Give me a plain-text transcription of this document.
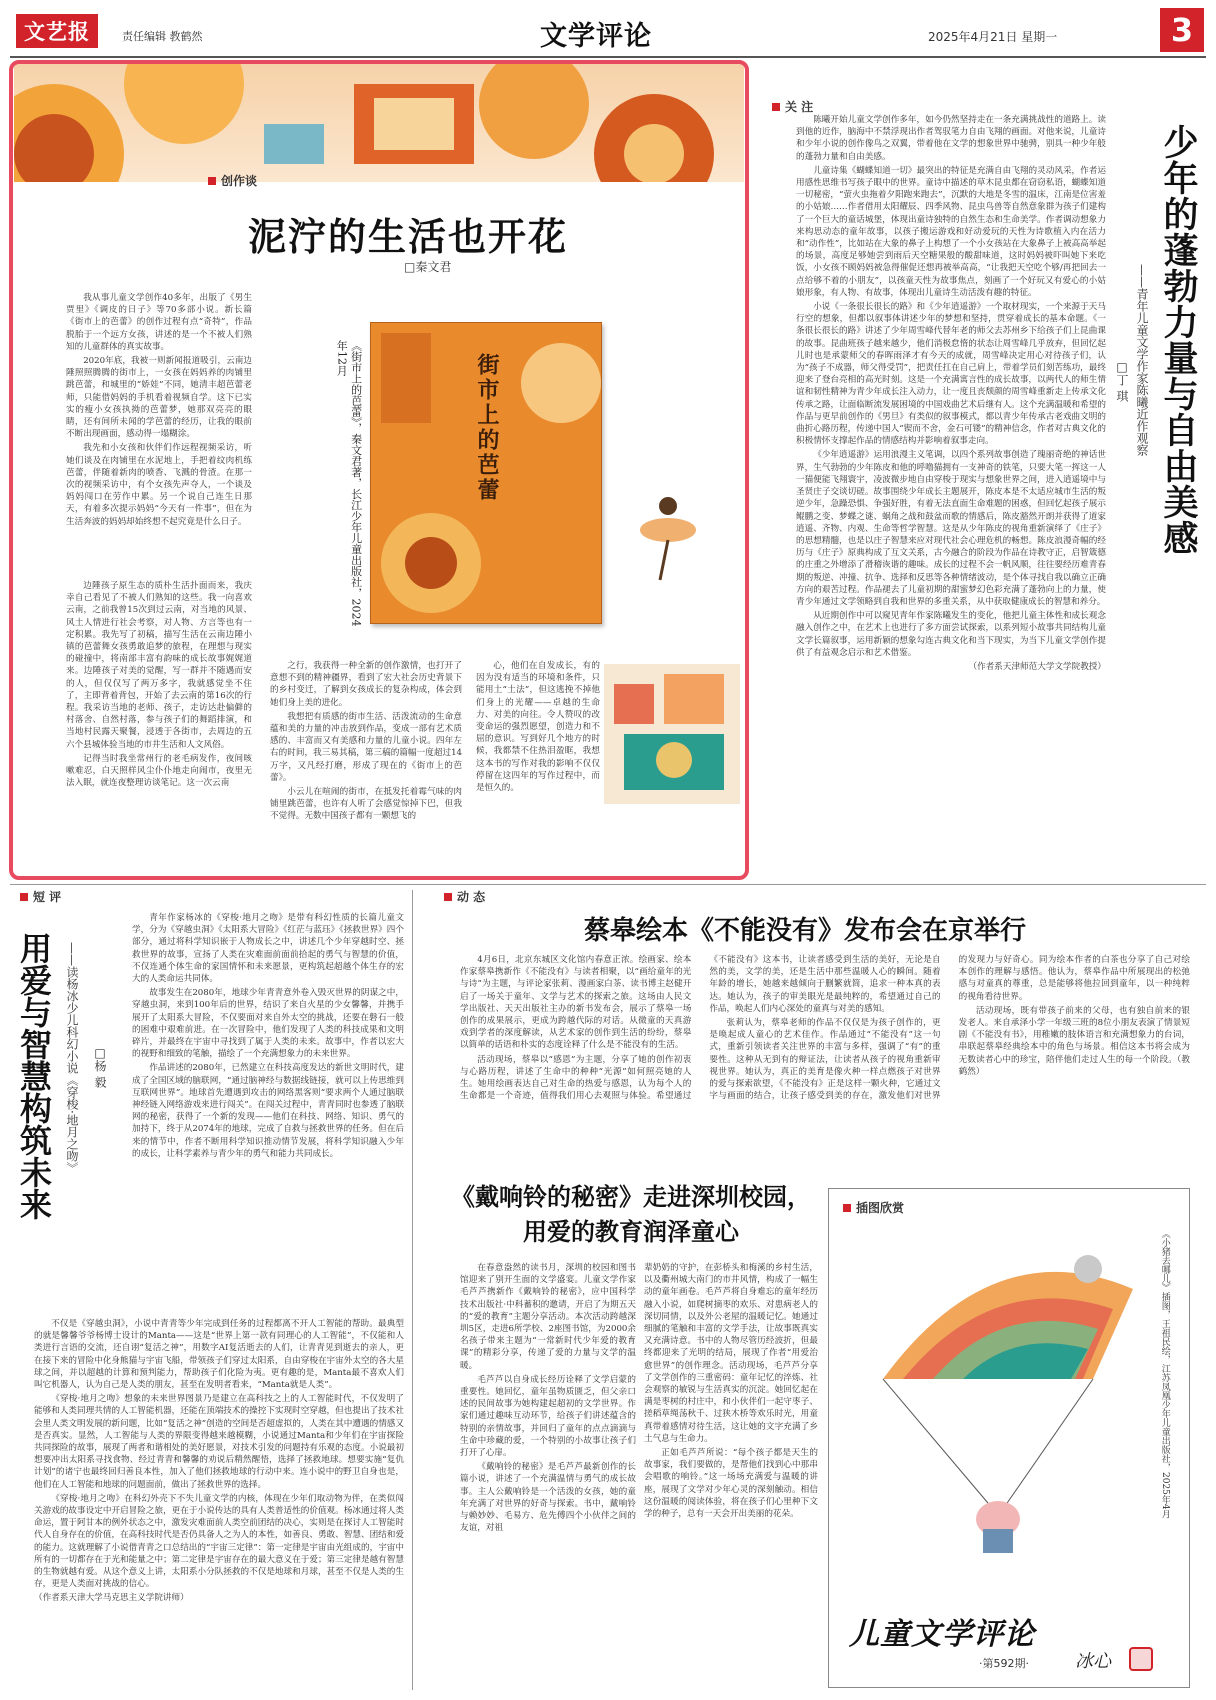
文艺报	责任编辑 教鹤然	文学评论	2025年4月21日 星期一	3
创作谈
泥泞的生活也开花
□秦文君

我从事儿童文学创作40多年，出版了《男生贾里》《调皮的日子》等70多部小说。新长篇《街市上的芭蕾》的创作过程有点“奇特”，作品脱胎于一个远方女孩，讲述的是一个不被人们熟知的儿童群体的真实故事。

2020年底，我被一则新闻报道吸引，云南边陲照照腾腾的街市上，一女孩在妈妈养的肉铺里跳芭蕾，和城里的“娇娃”不同，她清丰超芭蕾老师，只能借妈妈的手机看着视频自学。这下已实实的瘦小女孩执拗的芭蕾梦，她那双亮亮的眼睛，还有间所未闻的学芭蕾的经历，让我的眼前不断出现画面，感动得一塌糊涂。

我先和小女孩和伙伴们作远程视频采访，听她们谈及在肉铺里在水泥地上，手把着纹肉机练芭蕾，伴随着新肉的喷香、飞溅的骨渣。在那一次的视频采访中，有个女孩先声夺人，一个谈及妈妈闯口在劳作中累。另一个说自己连生日那天，有着多次提示妈妈“今天有一件事”，但在为生活奔波的妈妈却始终想不起究竟是什么日子。

边陲孩子原生态的质朴生活扑面而来，我庆幸自己看见了不被人们熟知的这些。我一向喜欢云南，之前我曾15次到过云南，对当地的风景、风土人情进行社会考察，对人物、方言等也有一定积累。我先写了初稿，描写生活在云南边陲小镇的芭蕾舞女孩勇敢追梦的旅程，在理想与现实的碰撞中，将南部丰富有韵味的成长故事娓娓道来。边陲孩子对美的觉醒，写一群并不随遇而安的人，但仅仅写了两万多字，我就感觉坐不住了，主即背着背包，开始了去云南的第16次的行程。我采访当地的老师、孩子，走访达赴偏僻的村落舍、自然村落，参与孩子们的舞蹈排演，和当地村民露天聚餐，浸透于各街市，去周边的五六个县城体验当地的市井生活和人文风俗。

记得当时我坐常州行的老毛病发作，夜间咳嗽难忍，白天照样风尘仆仆地走向闹市，夜里无法入眠，就连夜整理访谈笔记。这一次云南

《街市上的芭蕾》，秦文君著，长江少年儿童出版社，2024年12月	街市上的芭蕾

之行，我获得一种全新的创作激情，也打开了意想不到的精神疆界，看到了宏大社会历史背景下的乡村变迁，了解到女孩成长的复杂构成，体会到她们身上美的进化。

我想把有质感的街市生活、活泼流动的生命意蕴和美的力量的冲击放到作品，变成一部有艺术质感的、丰富而又有美感和力量的儿童小说。四年左右的时间，我三易其稿，第三稿的篇幅一度超过14万字，又凡经打磨，形成了现在的《街市上的芭蕾》。

小云儿在喧闹的街市，在抵发托着霉气味的肉铺里跳芭蕾，也许有人听了会感觉惊掉下巴，但我不觉得。无数中国孩子都有一颗想飞的

心，他们在自发成长，有的因为没有适当的环境和条件，只能用土“土法”，但这逃挽不掉他们身上的光耀——卓越的生命力、对美的向往。令人赞叹的改变命运的强烈愿望，创造力和不屈的意识。写到好几个地方的时候，我都禁不住热泪盈眶，我想这本书的写作对我的影响不仅仅停留在这四年的写作过程中，而是恒久的。

关 注

陈曦开始儿童文学创作多年，如今仍然坚持走在一条充满挑战性的道路上。读到他的近作，脑海中不禁浮现出作者驾驭笔力自由飞翔的画面。对他来说，儿童诗和少年小说的创作像鸟之双翼，带着他在文学的想象世界中驰骋，别具一种少年般的蓬勃力量和自由美感。

儿童诗集《蝴蝶知道一切》最突出的特征是充满自由飞翔的灵动风采，作者运用感性思维书写孩子眼中的世界。童诗中描述的草木昆虫都在窃窃私语，蝴蝶知道一切秘密，“萤火虫拖着夕阳跑来跑去”，沉默的大地是冬雪的温床，江南是位害羞的小姑娘……作者借用太阳耀辰、四季风物、昆虫鸟兽等自然意象群为孩子们建构了一个巨大的童话城堡，体现出童诗独特的自然生态和生命美学。作者调动想象力来构思动态的童年故事，以孩子搬运游戏和好动爱玩的天性为诗歌植入内在活力和“动作性”，比如站在大象的鼻子上构想了一个小女孩站在大象鼻子上被高高举起的场景，高度足够她尝到雨后天空糖果般的酸甜味道，这时妈妈被吓叫她下来吃饭，小女孩不顾妈妈被急得催促还想再被举高高，“让我把天空吃个够/再把回去一点给够不着的小朋友”，以孩童天性为故事焦点，刻画了一个好玩又有爱心的小姑娘形象，有人物、有故事，体现出儿童诗生动活泼有趣的特征。

小说《一条很长很长的路》和《少年逍遥游》一个取材现实，一个来源于天马行空的想象，但都以叙事体讲述少年的梦想和坚持，贯穿着成长的基本命题。《一条很长很长的路》讲述了少年周雪峰代替年老的师父去苏州乡下给孩子们上昆曲课的故事。昆曲班孩子越来越少，他们消极怠惰的状态让周雪峰几乎放弃，但回忆起儿时也是承蒙师父的春晖雨泽才有今天的成就，周雪峰决定用心对待孩子们，认为“孩子不成器，师父得受罚”，把责任扛在自己肩上，带着学员们刻苦练功，最终迎来了登台亮相的高光时刻。这是一个充满寓言性的成长故事，以两代人的师生情谊和韧性精神为青少年成长注入动力，让一度且丧颓颜的周雪峰重新走上传承文化传承之路，让面临断流发展困境的中国戏曲艺术后继有人。这个充满温暖和希望的作品与更早前创作的《男旦》有类似的叙事模式，都以青少年传承古老戏曲文明的曲折心路历程，传递中国人“锲而不舍，金石可镂”的精神信念，作者对古典文化的积极情怀支撑起作品的情感结构并影响着叙事走向。

《少年逍遥游》运用浪漫主义笔调，以四个系列故事创造了瑰丽奇绝的神话世界，生气勃勃的少年陈皮和他的呼噜猫拥有一支神奇的铁笔，只要大笔一挥这一人一猫便能飞翔寰宇，凌波微步地自由穿梭于现实与想象世界之间，进入逍遥境中与圣贤庄子交谈切磋。故事围绕少年成长主题展开，陈皮本是不太适应城市生活的叛逆少年，急躁恐惧、争强好胜，有着无法直面生命难题的困惑，但回忆起孩子展示鲲鹏之变、梦蝶之谜、蜗角之战和鼓盆而歌的情感后，陈皮豁然开朗并获得了道家逍遥、齐物、内观、生命等哲学智慧。这是从少年陈皮的视角重新演绎了《庄子》的思想精髓，也是以庄子智慧来应对现代社会心理危机的畅想。陈皮浪漫奇幅的经历与《庄子》原典构成了互文关系，古今融合的阶段为作品在诗教守正，启智箴德的庄重之外增添了滑稽诙谐的趣味。成长的过程不会一帆风顺，往往要经历难青春期的叛逆、冲撞、抗争、选择和反思等各种情绪波动，是个体寻找自我以确立正确方向的艰苦过程。作品褪去了儿童初期的甜蜜梦幻色彩充满了蓬勃向上的力量，使青少年通过文学领略到自我和世界的多重关系，从中获取健康成长的智慧和养分。

从近期创作中可以窥见青年作家陈曦发生的变化，他把儿童主体性和成长观念融入创作之中，在艺术上也进行了多方面尝试探索，以系列短小故事共同结构儿童文学长篇叙事，运用新颖的想象勾连古典文化和当下现实，为当下儿童文学创作提供了有益观念启示和艺术借鉴。

（作者系天津师范大学文学院教授）

少年的蓬勃力量与自由美感
——青年儿童文学作家陈曦近作观察
□丁 琪
短 评
用爱与智慧构筑未来 ——读杨冰少儿科幻小说《穿梭·地月之吻》 □杨 毅

青年作家杨冰的《穿梭·地月之吻》是带有科幻性质的长篇儿童文学，分为《穿越虫洞》《太阳系大冒险》《红茫与蓝珏》《拯救世界》四个部分，通过将科学知识嵌于人物成长之中，讲述几个少年穿越时空、拯救世界的故事，宣扬了人类在灾难面前面前拾起的勇气与智慧的价值，不仅连通个体生命的家国情怀和未来愿景，更构筑起超越个体生存的宏大的人类命运共同体。

故事发生在2080年，地球少年青青意外卷入毁灭世界的阴谋之中，穿越虫洞，来到100年后的世界，结识了来自火星的少女馨馨，并携手展开了太阳系大冒险，不仅要面对来自外太空的挑战，还要在磐石一般的困难中艰难前进。在一次冒险中，他们发现了人类的科技成果和文明碎片，并最终在宇宙中寻找到了属于人类的未来。故事中，作者以宏大的视野和细致的笔触，描绘了一个充满想象力的未来世界。

作品讲述的2080年，已然建立在科技高度发达的新世文明时代，建成了全国区域的脑联网，“通过脑神经与数据线链接，就可以上传思维到互联网世界”。地球首先遭遇到攻击的网络黑客则“要求两个人通过脑联神经链入网络游戏来进行闯关”。在闯关过程中，青青同时也参透了脑联网的秘密，获得了一个新的发现——他们在科技、网络、知识、勇气的加持下，终于从2074年的地球，完成了自救与拯救世界的任务。但在后来的情节中，作者不断用科学知识推动情节发展，将科学知识融入少年的成长，让科学素养与青少年的勇气和能力共同成长。

不仅是《穿越虫洞》，小说中青青等少年完成到任务的过程都离不开人工智能的帮助。最典型的就是馨馨爷爷杨博士设计的Manta——这是“世界上第一款有同理心的人工智能”，不仅能和人类进行言语的交流，还自诩“复活之神”，用数字AI复活逝去的人们，让青青见到逝去的亲人，更在接下来的冒险中化身熊猫与宇宙飞船，带领孩子们穿过太阳系，自由穿梭在宇宙外太空的各大星球之间，并以超越的计算和预判能力，帮助孩子们化险为夷。更有趣的是，Manta最不喜欢人们叫它机器人，认为自己是人类的朋友，甚至在发明者看来，“Manta就是人类”。

《穿梭·地月之吻》想象的未来世界图景乃是建立在高科技之上的人工智能时代，不仅发明了能够和人类同理共情的人工智能机器，还能在顶端技术的操控下实现时空穿越，但也提出了技术社会里人类文明发展的新问题，比如“复活之神”创造的空间是否超虚拟的，人类在其中遭遇的情感又是否真实。显然，人工智能与人类的界限变得越来越模糊，小说通过Manta和少年们在宇宙探险共同探险的故事，展现了两者和谐相处的美好愿景，对技术引发的问题持有乐观的态度。小说最初想要冲出太阳系寻找食物、经过青青和馨馨的劝说后精然醒悟，选择了拯救地球。想要实施“复仇计划”的诸宁也最终回归善良本性，加入了他们拯救地球的行动中来。连小说中的野卫自身也是，他们在人工智能和地球的问题面前，做出了拯救世界的选择。

《穿梭·地月之吻》在科幻外壳下不失儿童文学的内核，体现在少年们取动物为伴，在类似闯关游戏的故事设定中开启冒险之旅，更在于小说传达的具有人类普适性的价值观。杨冰通过将人类命运，置于阿甘本的例外状态之中，激发灾难面前人类空前团结的决心，实则是在探讨人工智能时代人自身存在的价值，在高科技时代是否仍具备人之为人的本性，如善良、勇敢、智慧、团结和爱的能力。这就理解了小说借青青之口总结出的“宇宙三定律”：第一定律是宇宙由光组成的，宇宙中所有的一切都存在于光和能量之中；第二定律是宇宙存在的最大意义在于爱；第三定律是越有智慧的生物就越有爱。从这个意义上讲，太阳系小分队拯救的不仅是地球和月球，甚至不仅是人类的生存，更是人类面对挑战的信心。

（作者系天津大学马克思主义学院讲师）

动 态
蔡皋绘本《不能没有》发布会在京举行

4月6日，北京东城区文化馆内春意正浓。绘画家、绘本作家蔡皋携新作《不能没有》与读者相聚，以“画给童年的光与诗”为主题，与评论家张莉、漫画家白茶、读书博主赵健开启了一场关于童年、文学与艺术的探索之旅。这场由人民文学出版社、天天出版社主办的新书发布会，展示了蔡皋一场创作的成果展示，更成为跨越代际的对话。从微童的天真游戏到学者的深度解读，从艺术家的创作到生活的纷纷，蔡皋以简单的话语和朴实的态度诠释了什么是不能没有的生活。

活动现场，蔡皋以“感恩”为主题，分享了她的创作初衷与心路历程，讲述了生命中的种种“光源”如何照亮她的人生。她用绘画表达自己对生命的热爱与感恩，认为每个人的生命都是一个奇迹，值得我们用心去观照与体验。希望通过《不能没有》这本书，让读者感受到生活的美好，无论是自然的美，文学的美，还是生活中那些温暖人心的瞬间。随着年龄的增长，她越来越倾向于删繁就简，追求一种本真的表达。她认为，孩子的审美眼光是最纯粹的，希望通过自己的作品，唤起人们内心深处的童真与对美的感知。

张莉认为，蔡皋老师的作品不仅仅是为孩子创作的，更是唤起成人童心的艺术佳作。作品通过“不能没有”这一句式，重新引领读者关注世界的丰富与多样，强调了“有”的重要性。这种从无到有的辩证法，让读者从孩子的视角重新审视世界。她认为，真正的美育是像火种一样点燃孩子对世界的爱与探索欲望，《不能没有》正是这样一颗火种，它通过文字与画面的结合，让孩子感受到美的存在，激发他们对世界的发现力与好奇心。同为绘本作者的白茶也分享了自己对绘本创作的理解与感悟。他认为，蔡皋作品中所展现出的松弛感与对童真的尊重，总是能够将他拉回到童年，以一种纯粹的视角看待世界。

活动现场，既有带孩子前来的父母，也有独自前来的银发老人。来自承泽小学一年级三班的8位小朋友表演了情景短剧《不能没有书》，用稚嫩的肢体语言和充满想象力的台词，串联起蔡皋经典绘本中的角色与场景。相信这本书将会成为无数读者心中的珍宝，陪伴他们走过人生的每一个阶段。（教鹤然）

《戴响铃的秘密》走进深圳校园，用爱的教育润泽童心

在春意盎然的读书月，深圳的校园和图书馆迎来了别开生面的文学盛宴。儿童文学作家毛芦芦携新作《戴响铃的秘密》，应中国科学技术出版社·中科蓄积的邀请，开启了为期五天的“爱的教育”主题分享活动。本次活动跨越深圳5区，走进6所学校、2座图书馆，为2000余名孩子带来主题为“一常新时代少年爱的教育课”的精彩分享，传递了爱的力量与文学的温暖。

毛芦芦以自身成长经历诠释了文学启蒙的重要性。她回忆，童年虽物质匮乏，但父亲口述的民间故事为她构建起超初的文学世界。作家们通过趣味互动环节，给孩子们讲述蕴含的特别的亲情故事，并回归了童年的点点滴滴与生命中珍藏的爱，一个特别的小故事让孩子们打开了心扉。

《戴响铃的秘密》是毛芦芦最新创作的长篇小说，讲述了一个充满温情与勇气的成长故事。主人公戴响铃是一个活泼的女孩，她的童年充满了对世界的好奇与探索。书中，戴响铃与赖妙妙、毛易方、危先傅四个小伙伴之间的友谊，对祖

辈奶奶的守护，在彭桥头和梅溪的乡村生活，以及衢州城大南门的市井风情，构成了一幅生动的童年画卷。毛芦芦将自身难忘的童年经历融入小说，如爬树摘枣的欢乐、对患病老人的深切同情，以及外公老屋的温暖记忆。她通过细腻的笔触和丰富的文学手法，让故事既真实又充满诗意。书中的人物尽管历经波折，但最终都迎来了光明的结局，展现了作者“用爱治愈世界”的创作理念。活动现场，毛芦芦分享了文学创作的三重密码：童年记忆的淬炼、社会观察的敏锐与生活真实的沉淀。她回忆起在满是枣树的村庄中，和小伙伴们一起守枣子、搓稻草绳荡秋千、过狭木桥等欢乐时光，用童真带着感情对待生活，这让她的文字充满了乡土气息与生命力。

正如毛芦芦所说：“每个孩子都是天生的故事家，我们要做的，是帮他们找到心中那串会唱歌的响铃。”这一场场充满爱与温暖的讲座，展现了文学对少年心灵的深刻触动。相信这份温暖的阅读体验，将在孩子们心里种下文学的种子，总有一天会开出美丽的花朵。

插图欣赏
《小猪去哪儿》插图，王祖民绘，江苏凤凰少年儿童出版社，2025年4月
儿童文学评论
·第592期·	冰心
